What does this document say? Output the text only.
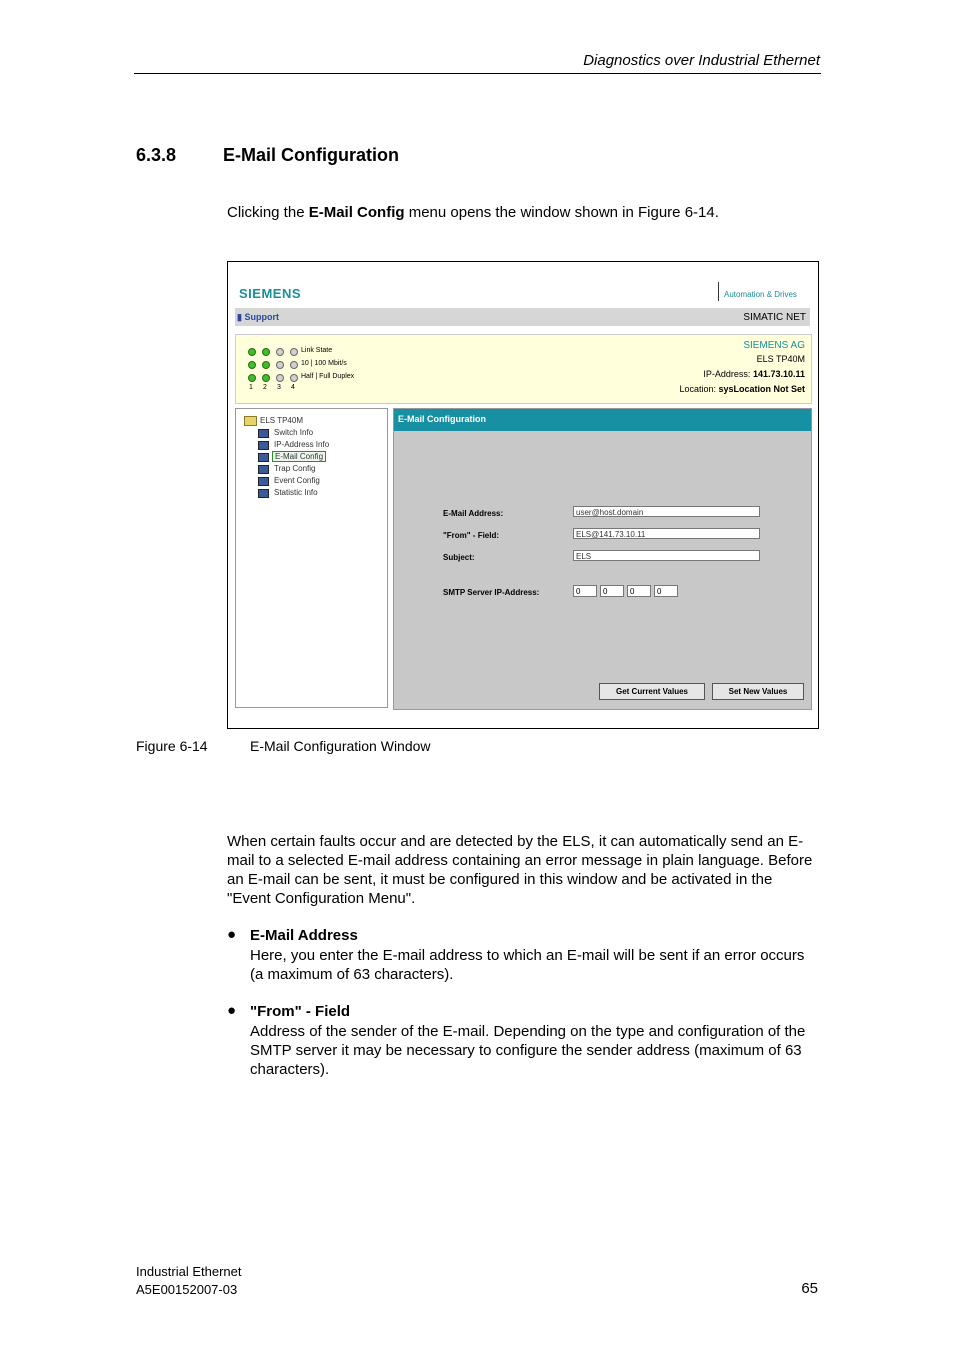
Diagnostics over Industrial Ethernet
6.3.8	E-Mail Configuration
Clicking the E-Mail Config menu opens the window shown in Figure 6-14.
SIEMENS	Automation & Drives
▮ Support	SIMATIC NET
Link State
10 | 100 Mbit/s
Half | Full Duplex
1 2 3 4
SIEMENS AG
ELS TP40M
IP-Address: 141.73.10.11
Location: sysLocation Not Set
ELS TP40M
Switch Info
IP-Address Info
E-Mail Config
Trap Config
Event Config
Statistic Info
E-Mail Configuration
E-Mail Address:	user@host.domain
"From" - Field:	ELS@141.73.10.11
Subject:	ELS
SMTP Server IP-Address:	0	0	0	0
Get Current Values	Set New Values
Figure 6-14	E-Mail Configuration Window
When certain faults occur and are detected by the ELS, it can automatically send an E-mail to a selected E-mail address containing an error message in plain language. Before an E-mail can be sent, it must be configured in this window and be activated in the "Event Configuration Menu".
● E-Mail Address
Here, you enter the E-mail address to which an E-mail will be sent if an error occurs (a maximum of 63 characters).
● "From" - Field
Address of the sender of the E-mail. Depending on the type and configuration of the SMTP server it may be necessary to configure the sender address (maximum of 63 characters).
Industrial Ethernet
A5E00152007-03	65
